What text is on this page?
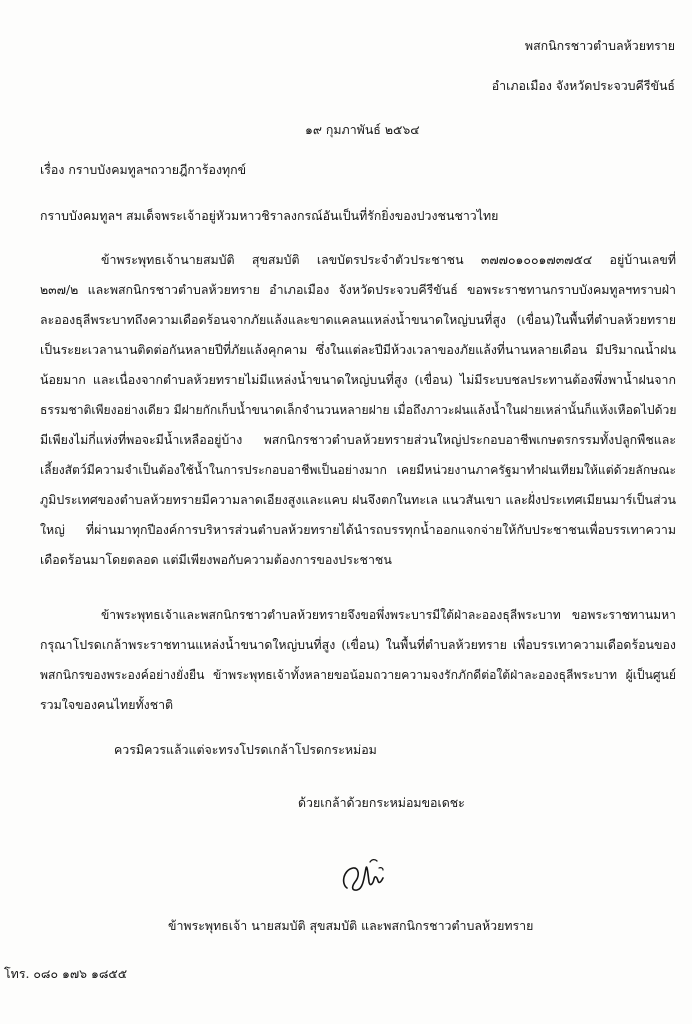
พสกนิกรชาวตำบลห้วยทราย
อำเภอเมือง จังหวัดประจวบคีรีขันธ์
๑๙ กุมภาพันธ์ ๒๕๖๔
เรื่อง กราบบังคมทูลฯถวายฎีการ้องทุกข์
กราบบังคมทูลฯ สมเด็จพระเจ้าอยู่หัวมหาวชิราลงกรณ์อันเป็นที่รักยิ่งของปวงชนชาวไทย

ข้าพระพุทธเจ้านายสมบัติ สุขสมบัติ เลขบัตรประจำตัวประชาชน ๓๗๗๐๑๐๐๑๗๓๗๕๔ อยู่บ้านเลขที่

๒๓๗/๒ และพสกนิกรชาวตำบลห้วยทราย อำเภอเมือง จังหวัดประจวบคีรีขันธ์ ขอพระราชทานกราบบังคมทูลฯทราบฝ่า

ละอองธุลีพระบาทถึงความเดือดร้อนจากภัยแล้งและขาดแคลนแหล่งน้ำขนาดใหญ่บนที่สูง (เขื่อน)ในพื้นที่ตำบลห้วยทราย

เป็นระยะเวลานานติดต่อกันหลายปีที่ภัยแล้งคุกคาม ซึ่งในแต่ละปีมีห้วงเวลาของภัยแล้งที่นานหลายเดือน มีปริมาณน้ำฝน

น้อยมาก และเนื่องจากตำบลห้วยทรายไม่มีแหล่งน้ำขนาดใหญ่บนที่สูง (เขื่อน) ไม่มีระบบชลประทานต้องพึ่งพาน้ำฝนจาก

ธรรมชาติเพียงอย่างเดียว มีฝายกักเก็บน้ำขนาดเล็กจำนวนหลายฝาย เมื่อถึงภาวะฝนแล้งน้ำในฝายเหล่านั้นก็แห้งเหือดไปด้วย

มีเพียงไม่กี่แห่งที่พอจะมีน้ำเหลืออยู่บ้าง พสกนิกรชาวตำบลห้วยทรายส่วนใหญ่ประกอบอาชีพเกษตรกรรมทั้งปลูกพืชและ

เลี้ยงสัตว์มีความจำเป็นต้องใช้น้ำในการประกอบอาชีพเป็นอย่างมาก เคยมีหน่วยงานภาครัฐมาทำฝนเทียมให้แต่ด้วยลักษณะ

ภูมิประเทศของตำบลห้วยทรายมีความลาดเอียงสูงและแคบ ฝนจึงตกในทะเล แนวสันเขา และฝั่งประเทศเมียนมาร์เป็นส่วน

ใหญ่ ที่ผ่านมาทุกปีองค์การบริหารส่วนตำบลห้วยทรายได้นำรถบรรทุกน้ำออกแจกจ่ายให้กับประชาชนเพื่อบรรเทาความ

เดือดร้อนมาโดยตลอด แต่มีเพียงพอกับความต้องการของประชาชน

ข้าพระพุทธเจ้าและพสกนิกรชาวตำบลห้วยทรายจึงขอพึ่งพระบารมีใต้ฝ่าละอองธุลีพระบาท ขอพระราชทานมหา

กรุณาโปรดเกล้าพระราชทานแหล่งน้ำขนาดใหญ่บนที่สูง (เขื่อน) ในพื้นที่ตำบลห้วยทราย เพื่อบรรเทาความเดือดร้อนของ

พสกนิกรของพระองค์อย่างยั่งยืน ข้าพระพุทธเจ้าทั้งหลายขอน้อมถวายความจงรักภักดีต่อใต้ฝ่าละอองธุลีพระบาท ผู้เป็นศูนย์

รวมใจของคนไทยทั้งชาติ

ควรมิควรแล้วแต่จะทรงโปรดเกล้าโปรดกระหม่อม
ด้วยเกล้าด้วยกระหม่อมขอเดชะ
ข้าพระพุทธเจ้า นายสมบัติ สุขสมบัติ และพสกนิกรชาวตำบลห้วยทราย
โทร. ๐๘๐ ๑๗๖ ๑๘๕๕
